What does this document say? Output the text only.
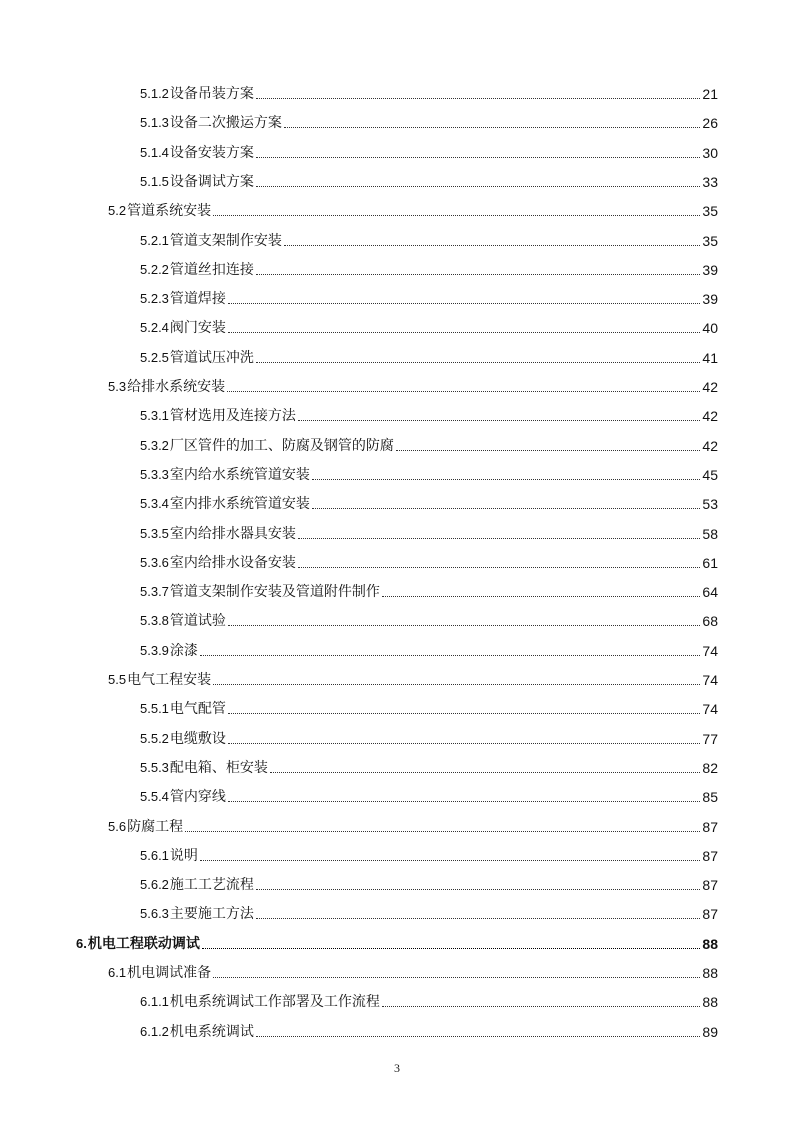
5.1.2 设备吊装方案	21
5.1.3 设备二次搬运方案	26
5.1.4 设备安装方案	30
5.1.5 设备调试方案	33
5.2 管道系统安装	35
5.2.1 管道支架制作安装	35
5.2.2 管道丝扣连接	39
5.2.3 管道焊接	39
5.2.4 阀门安装	40
5.2.5 管道试压冲洗	41
5.3 给排水系统安装	42
5.3.1 管材选用及连接方法	42
5.3.2 厂区管件的加工、防腐及钢管的防腐	42
5.3.3 室内给水系统管道安装	45
5.3.4 室内排水系统管道安装	53
5.3.5 室内给排水器具安装	58
5.3.6 室内给排水设备安装	61
5.3.7 管道支架制作安装及管道附件制作	64
5.3.8 管道试验	68
5.3.9 涂漆	74
5.5 电气工程安装	74
5.5.1 电气配管	74
5.5.2 电缆敷设	77
5.5.3 配电箱、柜安装	82
5.5.4 管内穿线	85
5.6 防腐工程	87
5.6.1 说明	87
5.6.2 施工工艺流程	87
5.6.3 主要施工方法	87
6. 机电工程联动调试	88
6.1 机电调试准备	88
6.1.1 机电系统调试工作部署及工作流程	88
6.1.2 机电系统调试	89
3
